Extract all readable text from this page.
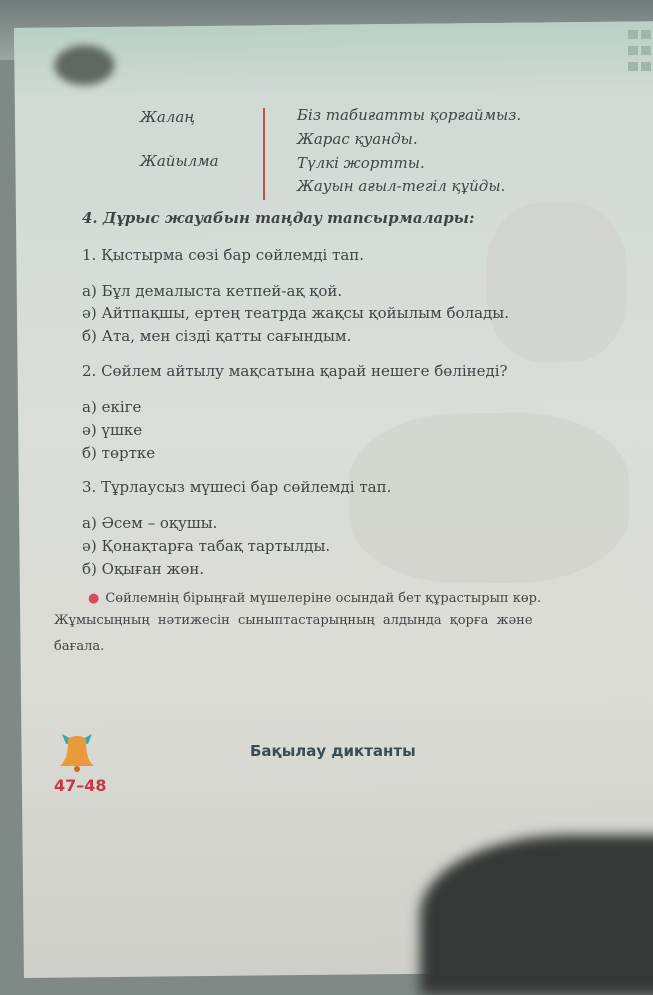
Жалаң
Жайылма
Біз табиғатты қорғаймыз.
Жарас қуанды.
Түлкі жортты.
Жауын ағыл-тегіл құйды.
4. Дұрыс жауабын таңдау тапсырмалары:
1. Қыстырма сөзі бар сөйлемді тап.
а) Бұл демалыста кетпей-ақ қой.
ә) Айтпақшы, ертең театрда жақсы қойылым болады.
б) Ата, мен сізді қатты сағындым.
2. Сөйлем айтылу мақсатына қарай нешеге бөлінеді?
а) екіге
ә) үшке
б) төртке
3. Тұрлаусыз мүшесі бар сөйлемді тап.
а) Әсем – оқушы.
ә) Қонақтарға табақ тартылды.
б) Оқыған жөн.
● Сөйлемнің бірыңғай мүшелеріне осындай бет құрастырып көр.
Жұмысыңның нәтижесін сыныптастарыңның алдында қорға және
бағала.
47–48
Бақылау диктанты
